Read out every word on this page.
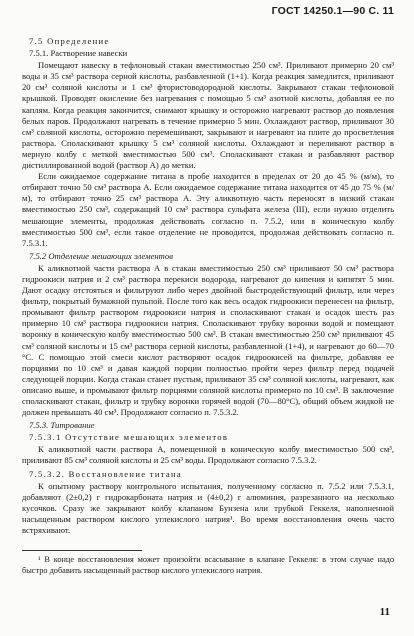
ГОСТ 14250.1—90 С. 11

7.5 Определение

7.5.1. Растворение навески

Помещают навеску в тефлоновый стакан вместимостью 250 см³. Приливают примерно 20 см³ воды и 35 см³ раствора серной кислоты, разбавленной (1+1). Когда реакция замедлится, приливают 20 см³ соляной кислоты и 1 см³ фтористоводородной кислоты. Закрывают стакан тефлоновой крышкой. Проводят окисление без нагревания с помощью 5 см³ азотной кислоты, добавляя ее по каплям. Когда реакция закончится, снимают крышку и осторожно нагревают раствор до появления белых паров. Продолжают нагревать в течение примерно 5 мин. Охлаждают раствор, приливают 30 см³ соляной кислоты, осторожно перемешивают, закрывают и нагревают на плите до просветления раствора. Споласкивают крышку 5 см³ соляной кислоты. Охлаждают и переливают раствор в мерную колбу с меткой вместимостью 500 см³. Споласкивают стакан и разбавляют раствор дистиллированной водой (раствор А) до метки.

Если ожидаемое содержание титана в пробе находится в пределах от 20 до 45 % (м/м), то отбирают точно 50 см³ раствора А. Если ожидаемое содержание титана находится от 45 до 75 % (м/м), то отбирают точно 25 см³ раствора А. Эту аликвотную часть переносят в низкий стакан вместимостью 250 см³, содержащий 10 см³ раствора сульфата железа (III), если нужно отделить мешающие элементы, продолжая действовать согласно п. 7.5.2, или в коническую колбу вместимостью 500 см³, если такое отделение не проводится, продолжая действовать согласно п. 7.5.3.1.

7.5.2 Отделение мешающих элементов

К аликвотной части раствора А в стакан вместимостью 250 см³ приливают 50 см³ раствора гидроокиси натрия и 2 см³ раствора перекиси водорода, нагревают до кипения и кипятят 5 мин. Дают осадку отстояться и фильтруют либо через двойной быстродействующий фильтр, или через фильтр, покрытый бумажной пульпой. После того как весь осадок гидроокиси перенесен на фильтр, промывают фильтр раствором гидроокиси натрия и споласкивают стакан и осадок шесть раз примерно 10 см³ раствора гидроокиси натрия. Споласкивают трубку воронки водой и помещают воронку в коническую колбу вместимостью 500 см³. В стакан вместимостью 250 см³ приливают 45 см³ соляной кислоты и 15 см³ раствора серной кислоты, разбавленной (1+4), и нагревают до 60—70 °С. С помощью этой смеси кислот растворяют осадок гидроокисей на фильтре, добавляя ее порциями по 10 см³ и давая каждой порции полностью пройти через фильтр перед подачей следующей порции. Когда стакан станет пустым, приливают 35 см³ соляной кислоты, нагревают, как описано выше, и промывают фильтр порциями соляной кислоты примерно по 10 см³. В заключение споласкивают стакан, фильтр и трубку воронки горячей водой (70—80°С), общий объем жидкой не должен превышать 40 см³. Продолжают согласно п. 7.5.3.2.

7.5.3. Титрование

7.5.3.1 Отсутствие мешающих элементов

К аликвотной части раствора А, помещенной в коническую колбу вместимостью 500 см³, приливают 85 см³ соляной кислоты и 25 см³ воды. Продолжают согласно 7.5.3.2.

7.5.3.2. Восстановление титана

К опытному раствору контрольного испытания, полученному согласно п. 7.5.2 или 7.5.3.1, добавляют (2±0,2) г гидрокарбоната натрия и (4±0,2) г алюминия, разрезанного на несколько кусочков. Сразу же закрывают колбу клапаном Бунзена или трубкой Геккеля, наполненной насыщенным раствором кислого углекислого натрия¹. Во время восстановления очень часто встряхивают.

¹ В конце восстановления может произойти всасывание в клапане Геккеля: в этом случае надо быстро добавить насыщенный раствор кислого углекислого натрия.

11
